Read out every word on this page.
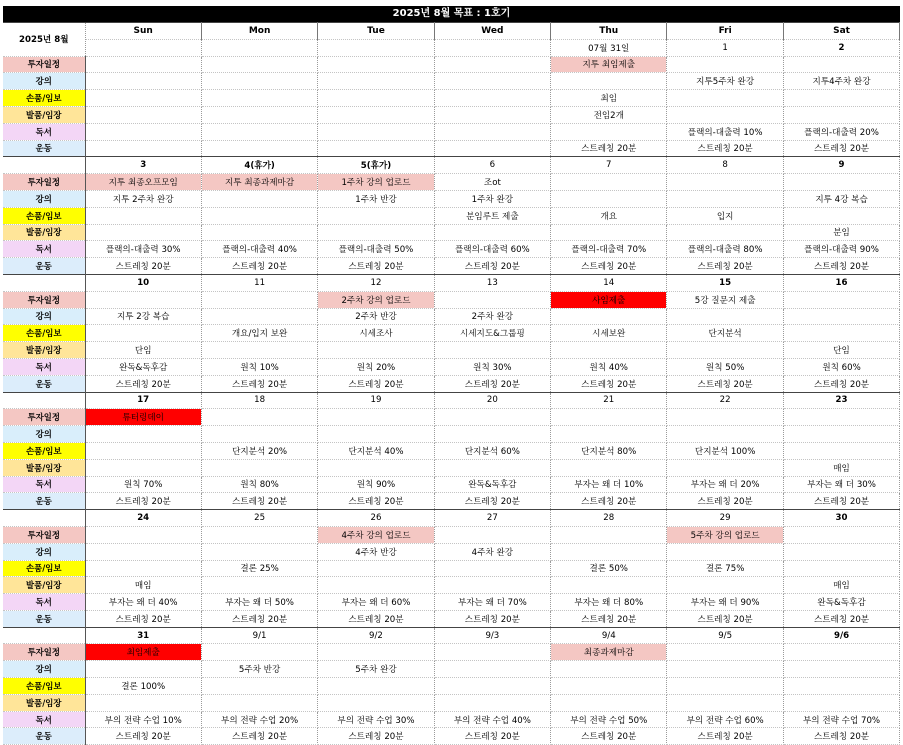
2025년 8월 목표 : 1호기
2025년 8월	Sun	Mon	Tue	Wed	Thu	Fri	Sat
					07월 31일	1	2
투자일정					지투 최임제출		
강의						지투5주차 완강	지투4주차 완강
손품/임보					최임		
발품/임장					전임2개		
독서						플랙의-대출력 10%	플랙의-대출력 20%
운동					스트레칭 20분	스트레칭 20분	스트레칭 20분
	3	4(휴가)	5(휴가)	6	7	8	9
투자일정	지투 최종오프모임	지투 최종과제마감	1주차 강의 업로드	조ot			
강의	지투 2주차 완강		1주차 반강	1주차 완강			지투 4강 복습
손품/임보				분임루트 제출	개요	입지	
발품/임장							분임
독서	플랙의-대출력 30%	플랙의-대출력 40%	플랙의-대출력 50%	플랙의-대출력 60%	플랙의-대출력 70%	플랙의-대출력 80%	플랙의-대출력 90%
운동	스트레칭 20분	스트레칭 20분	스트레칭 20분	스트레칭 20분	스트레칭 20분	스트레칭 20분	스트레칭 20분
	10	11	12	13	14	15	16
투자일정			2주차 강의 업로드		사임제출	5강 질문지 제출	
강의	지투 2강 복습		2주차 반강	2주차 완강			
손품/임보		개요/입지 보완	시세조사	시세지도&그룹핑	시세보완	단지분석	
발품/임장	단임						단임
독서	완독&독후감	원칙 10%	원칙 20%	원칙 30%	원칙 40%	원칙 50%	원칙 60%
운동	스트레칭 20분	스트레칭 20분	스트레칭 20분	스트레칭 20분	스트레칭 20분	스트레칭 20분	스트레칭 20분
	17	18	19	20	21	22	23
투자일정	튜터링데이						
강의							
손품/임보		단지분석 20%	단지분석 40%	단지분석 60%	단지분석 80%	단지분석 100%	
발품/임장							매임
독서	원칙 70%	원칙 80%	원칙 90%	완독&독후감	부자는 왜 더 10%	부자는 왜 더 20%	부자는 왜 더 30%
운동	스트레칭 20분	스트레칭 20분	스트레칭 20분	스트레칭 20분	스트레칭 20분	스트레칭 20분	스트레칭 20분
	24	25	26	27	28	29	30
투자일정			4주차 강의 업로드			5주차 강의 업로드	
강의			4주차 반강	4주차 완강			
손품/임보		결론 25%			결론 50%	결론 75%	
발품/임장	매임						매임
독서	부자는 왜 더 40%	부자는 왜 더 50%	부자는 왜 더 60%	부자는 왜 더 70%	부자는 왜 더 80%	부자는 왜 더 90%	완독&독후감
운동	스트레칭 20분	스트레칭 20분	스트레칭 20분	스트레칭 20분	스트레칭 20분	스트레칭 20분	스트레칭 20분
	31	9/1	9/2	9/3	9/4	9/5	9/6
투자일정	최임제출				최종과제마감		
강의		5주차 반강	5주차 완강				
손품/임보	결론 100%						
발품/임장							
독서	부의 전략 수업 10%	부의 전략 수업 20%	부의 전략 수업 30%	부의 전략 수업 40%	부의 전략 수업 50%	부의 전략 수업 60%	부의 전략 수업 70%
운동	스트레칭 20분	스트레칭 20분	스트레칭 20분	스트레칭 20분	스트레칭 20분	스트레칭 20분	스트레칭 20분
